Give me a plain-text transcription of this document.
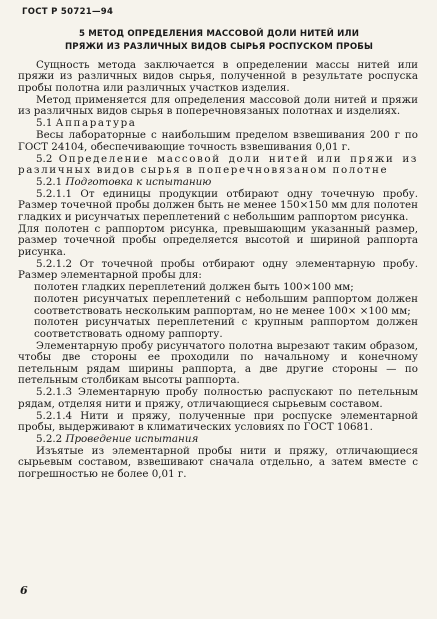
ГОСТ Р 50721—94
5 МЕТОД ОПРЕДЕЛЕНИЯ МАССОВОЙ ДОЛИ НИТЕЙ ИЛИ
ПРЯЖИ ИЗ РАЗЛИЧНЫХ ВИДОВ СЫРЬЯ РОСПУСКОМ ПРОБЫ

Сущность метода заключается в определении массы нитей или пряжи из различных видов сырья, полученной в результате роспуска пробы полотна или различных участков изделия.

Метод применяется для определения массовой доли нитей и пряжи из различных видов сырья в поперечновязаных полотнах и изделиях.

5.1 Аппаратура

Весы лабораторные с наибольшим пределом взвешивания 200 г по ГОСТ 24104, обеспечивающие точность взвешивания 0,01 г.

5.2 Определение массовой доли нитей или пряжи из различных видов сырья в поперечновязаном полотне

5.2.1 Подготовка к испытанию

5.2.1.1 От единицы продукции отбирают одну точечную пробу. Размер точечной пробы должен быть не менее 150×150 мм для полотен гладких и рисунчатых переплетений с небольшим раппортом рисунка.

Для полотен с раппортом рисунка, превышающим указанный размер, размер точечной пробы определяется высотой и шириной раппорта рисунка.

5.2.1.2 От точечной пробы отбирают одну элементарную пробу. Размер элементарной пробы для:

полотен гладких переплетений должен быть 100×100 мм;

полотен рисунчатых переплетений с небольшим раппортом должен соответствовать нескольким раппортам, но не менее 100× ×100 мм;

полотен рисунчатых переплетений с крупным раппортом должен соответствовать одному раппорту.

Элементарную пробу рисунчатого полотна вырезают таким образом, чтобы две стороны ее проходили по начальному и конечному петельным рядам ширины раппорта, а две другие стороны — по петельным столбикам высоты раппорта.

5.2.1.3 Элементарную пробу полностью распускают по петельным рядам, отделяя нити и пряжу, отличающиеся сырьевым составом.

5.2.1.4 Нити и пряжу, полученные при роспуске элементарной пробы, выдерживают в климатических условиях по ГОСТ 10681.

5.2.2 Проведение испытания

Изъятые из элементарной пробы нити и пряжу, отличающиеся сырьевым составом, взвешивают сначала отдельно, а затем вместе с погрешностью не более 0,01 г.

6
